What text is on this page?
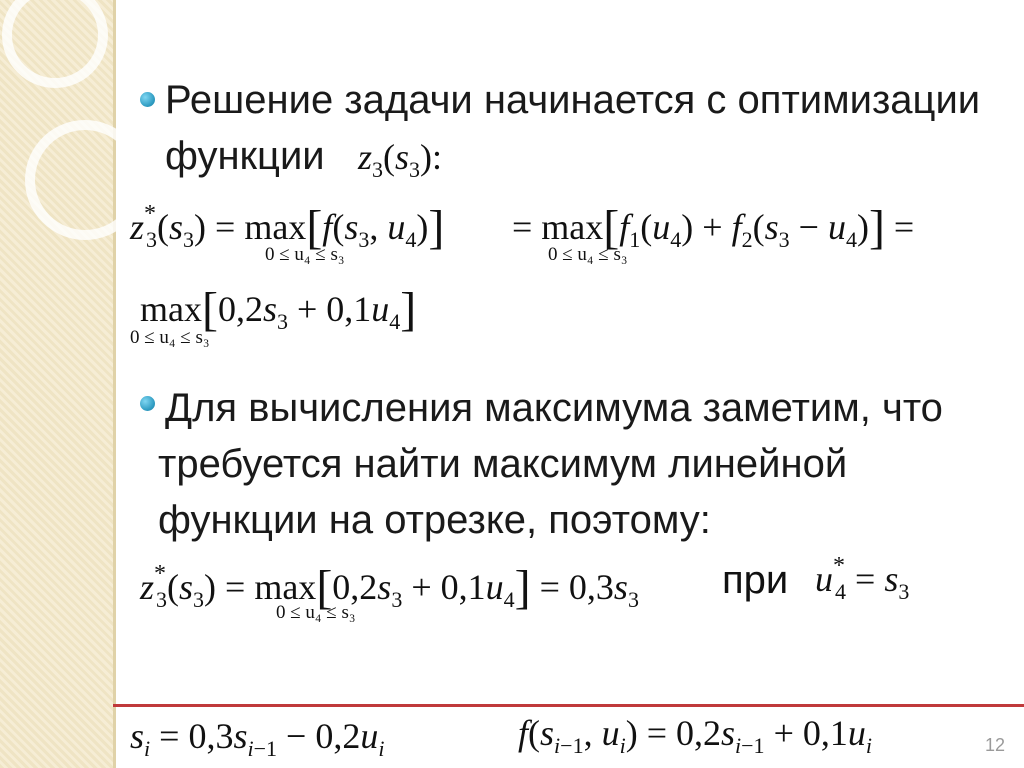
Решение задачи начинается с оптимизации
функции $z_3(s_3)$:
$z^*_3(s_3) = \max[f(s_3$, $u_4)] = \max[f_1(u_4) + f_2(s_3 - u_4)]$ =
0 ≤ u₄ ≤ s₃	0 ≤ u₄ ≤ s₃
$\max[0,2s_3 + 0,1u_4]$
0 ≤ u₄ ≤ s₃
Для вычисления максимума заметим, что
требуется найти максимум линейной
функции на отрезке, поэтому:
$z^*_3(s_3) = \max[0,2s_3 + 0,1u_4] = 0,3s_3$
0 ≤ u₄ ≤ s₃
при $u^*_4 = s_3$
$s_i = 0,3s_{i-1} - 0,2u_i$	$f(s_{i-1}$, $u_i) = 0,2s_{i-1} + 0,1u_i$	12
